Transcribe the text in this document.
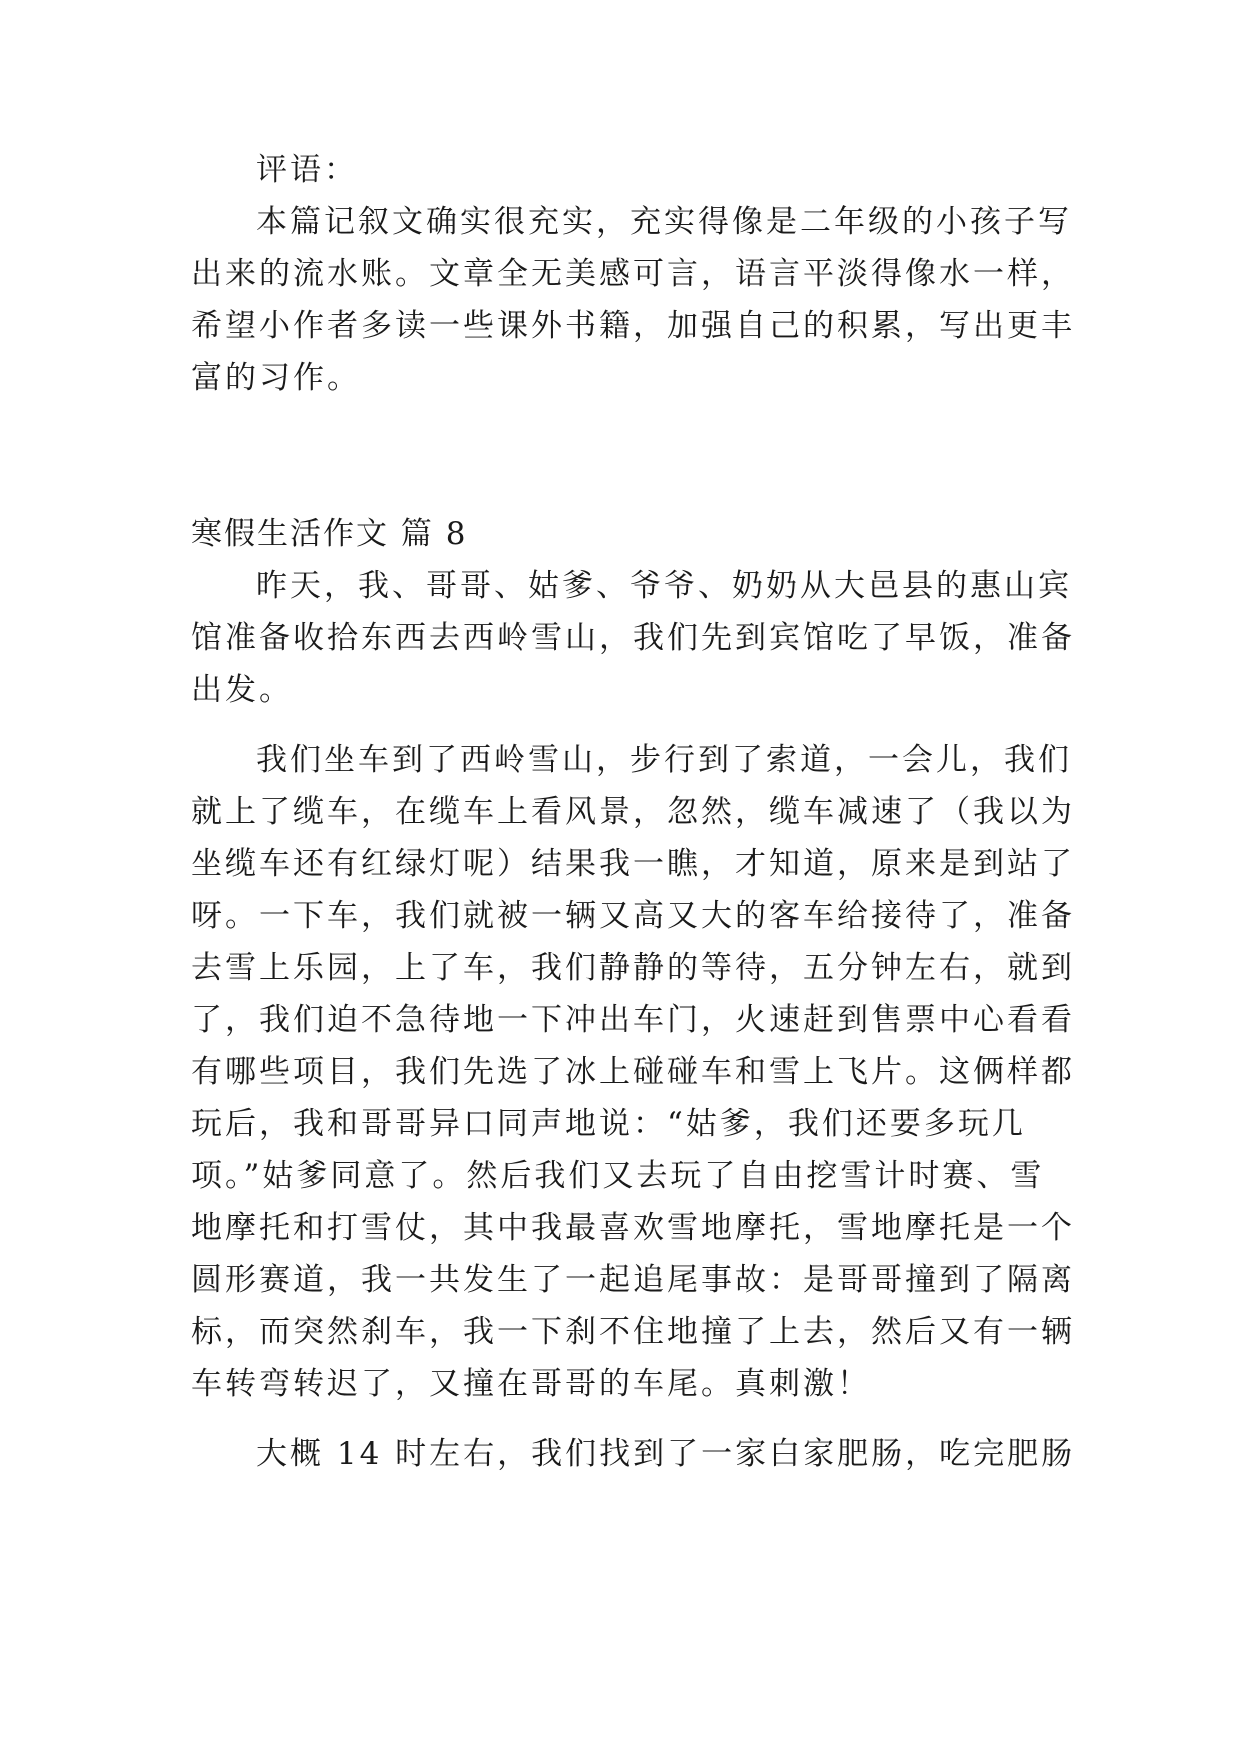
评语：
本篇记叙文确实很充实，充实得像是二年级的小孩子写
出来的流水账。文章全无美感可言，语言平淡得像水一样，
希望小作者多读一些课外书籍，加强自己的积累，写出更丰
富的习作。
寒假生活作文 篇 8
昨天，我、哥哥、姑爹、爷爷、奶奶从大邑县的惠山宾
馆准备收拾东西去西岭雪山，我们先到宾馆吃了早饭，准备
出发。
我们坐车到了西岭雪山，步行到了索道，一会儿，我们
就上了缆车，在缆车上看风景，忽然，缆车减速了（我以为
坐缆车还有红绿灯呢）结果我一瞧，才知道，原来是到站了
呀。一下车，我们就被一辆又高又大的客车给接待了，准备
去雪上乐园，上了车，我们静静的等待，五分钟左右，就到
了，我们迫不急待地一下冲出车门，火速赶到售票中心看看
有哪些项目，我们先选了冰上碰碰车和雪上飞片。这俩样都
玩后，我和哥哥异口同声地说：“姑爹，我们还要多玩几
项。”姑爹同意了。然后我们又去玩了自由挖雪计时赛、雪
地摩托和打雪仗，其中我最喜欢雪地摩托，雪地摩托是一个
圆形赛道，我一共发生了一起追尾事故：是哥哥撞到了隔离
标，而突然刹车，我一下刹不住地撞了上去，然后又有一辆
车转弯转迟了，又撞在哥哥的车尾。真刺激！
大概 14 时左右，我们找到了一家白家肥肠，吃完肥肠
